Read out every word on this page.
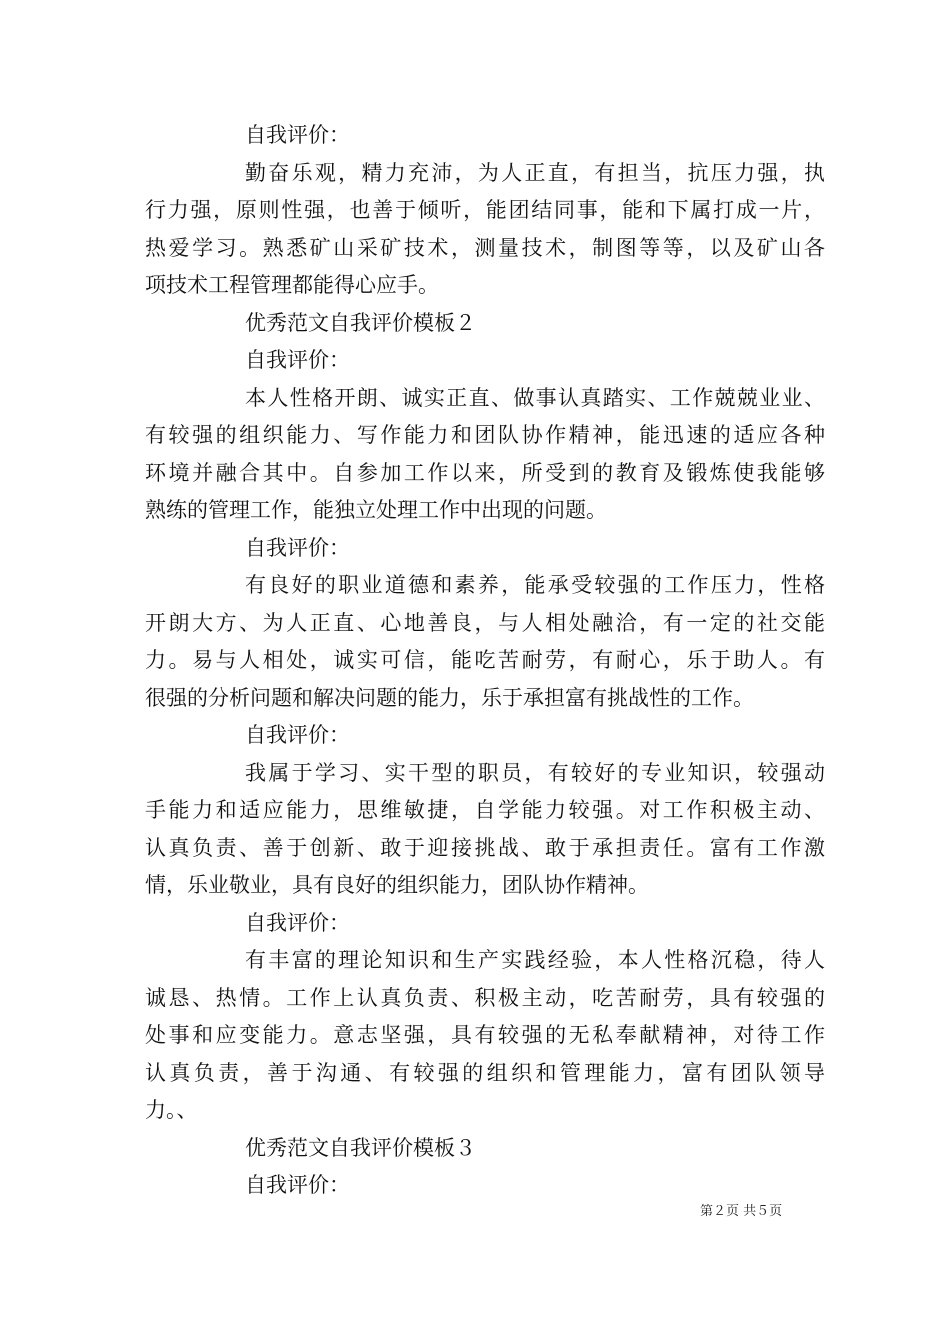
自我评价：
勤奋乐观，精力充沛，为人正直，有担当，抗压力强，执
行力强，原则性强，也善于倾听，能团结同事，能和下属打成一片，
热爱学习。熟悉矿山采矿技术，测量技术，制图等等，以及矿山各
项技术工程管理都能得心应手。
优秀范文自我评价模板２
自我评价：
本人性格开朗、诚实正直、做事认真踏实、工作兢兢业业、
有较强的组织能力、写作能力和团队协作精神，能迅速的适应各种
环境并融合其中。自参加工作以来，所受到的教育及锻炼使我能够
熟练的管理工作，能独立处理工作中出现的问题。
自我评价：
有良好的职业道德和素养，能承受较强的工作压力，性格
开朗大方、为人正直、心地善良，与人相处融洽，有一定的社交能
力。易与人相处，诚实可信，能吃苦耐劳，有耐心，乐于助人。有
很强的分析问题和解决问题的能力，乐于承担富有挑战性的工作。
自我评价：
我属于学习、实干型的职员，有较好的专业知识，较强动
手能力和适应能力，思维敏捷，自学能力较强。对工作积极主动、
认真负责、善于创新、敢于迎接挑战、敢于承担责任。富有工作激
情，乐业敬业，具有良好的组织能力，团队协作精神。
自我评价：
有丰富的理论知识和生产实践经验，本人性格沉稳，待人
诚恳、热情。工作上认真负责、积极主动，吃苦耐劳，具有较强的
处事和应变能力。意志坚强，具有较强的无私奉献精神，对待工作
认真负责，善于沟通、有较强的组织和管理能力，富有团队领导
力。、
优秀范文自我评价模板３
自我评价：
第２页 共５页
